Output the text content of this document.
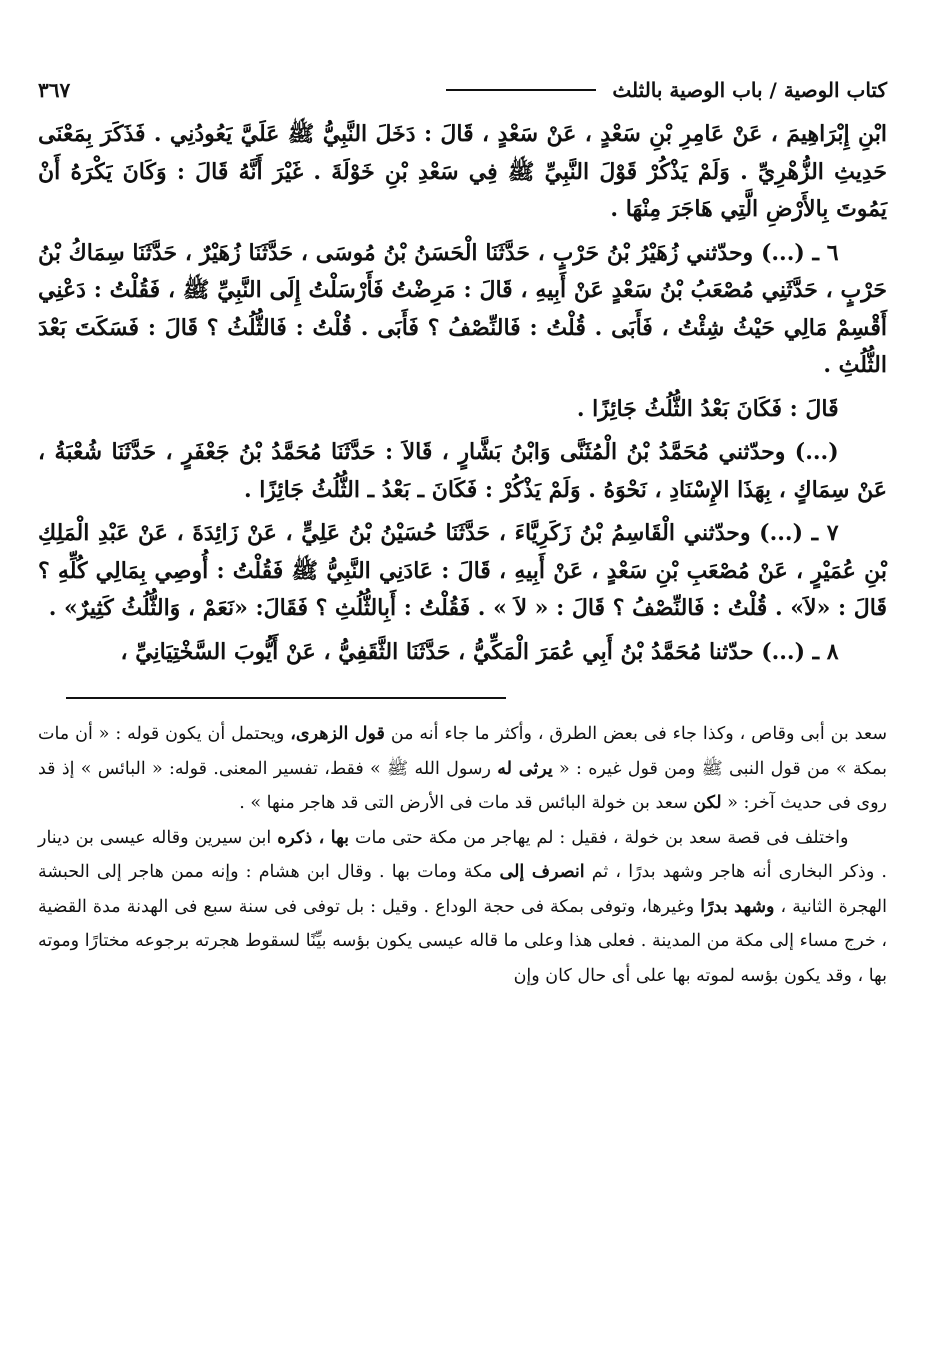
كتاب الوصية / باب الوصية بالثلث
٣٦٧

ابْنِ إِبْرَاهِيمَ ، عَنْ عَامِرِ بْنِ سَعْدٍ ، عَنْ سَعْدٍ ، قَالَ : دَخَلَ النَّبِيُّ ﷺ عَلَيَّ يَعُودُنِي . فَذَكَرَ بِمَعْنَى حَدِيثِ الزُّهْرِيِّ . وَلَمْ يَذْكُرْ قَوْلَ النَّبِيِّ ﷺ فِي سَعْدِ بْنِ خَوْلَةَ . غَيْرَ أَنَّهُ قَالَ : وَكَانَ يَكْرَهُ أَنْ يَمُوتَ بِالأَرْضِ الَّتِي هَاجَرَ مِنْهَا .

٦ ـ (...) وحدّثني زُهَيْرُ بْنُ حَرْبٍ ، حَدَّثَنَا الْحَسَنُ بْنُ مُوسَى ، حَدَّثَنَا زُهَيْرٌ ، حَدَّثَنَا سِمَاكُ بْنُ حَرْبٍ ، حَدَّثَنِي مُصْعَبُ بْنُ سَعْدٍ عَنْ أَبِيهِ ، قَالَ : مَرِضْتُ فَأَرْسَلْتُ إِلَى النَّبِيِّ ﷺ ، فَقُلْتُ : دَعْنِي أَقْسِمْ مَالِي حَيْثُ شِئْتُ ، فَأَبَى . قُلْتُ : فَالنِّصْفُ ؟ فَأَبَى . قُلْتُ : فَالثُّلُثُ ؟ قَالَ : فَسَكَتَ بَعْدَ الثُّلُثِ .

قَالَ : فَكَانَ بَعْدُ الثُّلُثُ جَائِزًا .

(...) وحدّثني مُحَمَّدُ بْنُ الْمُثَنَّى وَابْنُ بَشَّارٍ ، قَالاَ : حَدَّثَنَا مُحَمَّدُ بْنُ جَعْفَرٍ ، حَدَّثَنَا شُعْبَةُ ، عَنْ سِمَاكٍ ، بِهَذَا الإِسْنَادِ ، نَحْوَهُ . وَلَمْ يَذْكُرْ : فَكَانَ ـ بَعْدُ ـ الثُّلُثُ جَائِزًا .

٧ ـ (...) وحدّثني الْقَاسِمُ بْنُ زَكَرِيَّاءَ ، حَدَّثَنَا حُسَيْنُ بْنُ عَلِيٍّ ، عَنْ زَائِدَةَ ، عَنْ عَبْدِ الْمَلِكِ بْنِ عُمَيْرٍ ، عَنْ مُصْعَبِ بْنِ سَعْدٍ ، عَنْ أَبِيهِ ، قَالَ : عَادَنِي النَّبِيُّ ﷺ فَقُلْتُ : أُوصِي بِمَالِي كُلِّهِ ؟ قَالَ : «لاَ» . قُلْتُ : فَالنِّصْفُ ؟ قَالَ : « لاَ » . فَقُلْتُ : أَبِالثُّلُثِ ؟ فَقَالَ: «نَعَمْ ، وَالثُّلُثُ كَثِيرٌ» .

٨ ـ (...) حدّثنا مُحَمَّدُ بْنُ أَبِي عُمَرَ الْمَكِّيُّ ، حَدَّثَنَا الثَّقَفِيُّ ، عَنْ أَيُّوبَ السَّخْتِيَانِيِّ ،

سعد بن أبى وقاص ، وكذا جاء فى بعض الطرق ، وأكثر ما جاء أنه من قول الزهرى، ويحتمل أن يكون قوله : « أن مات بمكة » من قول النبى ﷺ ومن قول غيره : « يرثى له رسول الله ﷺ » فقط، تفسير المعنى. قوله: « البائس » إذ قد روى فى حديث آخر: « لكن سعد بن خولة البائس قد مات فى الأرض التى قد هاجر منها » .

واختلف فى قصة سعد بن خولة ، فقيل : لم يهاجر من مكة حتى مات بها ، ذكره ابن سيرين وقاله عيسى بن دينار . وذكر البخارى أنه هاجر وشهد بدرًا ، ثم انصرف إلى مكة ومات بها . وقال ابن هشام : وإنه ممن هاجر إلى الحبشة الهجرة الثانية ، وشهد بدرًا وغيرها، وتوفى بمكة فى حجة الوداع . وقيل : بل توفى فى سنة سبع فى الهدنة مدة القضية ، خرج مساء إلى مكة من المدينة . فعلى هذا وعلى ما قاله عيسى يكون بؤسه بيِّنًا لسقوط هجرته برجوعه مختارًا وموته بها ، وقد يكون بؤسه لموته بها على أى حال كان وإن
